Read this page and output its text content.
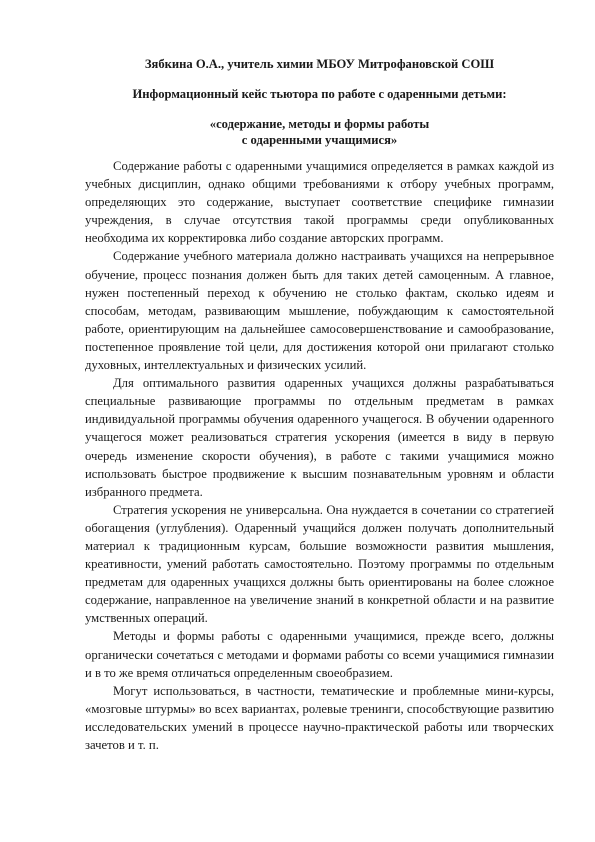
Зябкина О.А., учитель химии МБОУ Митрофановской СОШ

Информационный кейс тьютора по работе с одаренными детьми:

«содержание, методы и формы работы

с одаренными учащимися»

Содержание работы с одаренными учащимися определяется в рамках каждой из учебных дисциплин, однако общими требованиями к отбору учебных программ, определяющих это содержание, выступает соответствие специфике гимназии учреждения, в случае отсутствия такой программы среди опубликованных необходима их корректировка либо создание авторских программ.

Содержание учебного материала должно настраивать учащихся на непрерывное обучение, процесс познания должен быть для таких детей самоценным. А главное, нужен постепенный переход к обучению не столько фактам, сколько идеям и способам, методам, развивающим мышление, побуждающим к самостоятельной работе, ориентирующим на дальнейшее самосовершенствование и самообразование, постепенное проявление той цели, для достижения которой они прилагают столько духовных, интеллектуальных и физических усилий.

Для оптимального развития одаренных учащихся должны разрабатываться специальные развивающие программы по отдельным предметам в рамках индивидуальной программы обучения одаренного учащегося. В обучении одаренного учащегося может реализоваться стратегия ускорения (имеется в виду в первую очередь изменение скорости обучения), в работе с такими учащимися можно использовать быстрое продвижение к высшим познавательным уровням и области избранного предмета.

Стратегия ускорения не универсальна. Она нуждается в сочетании со стратегией обогащения (углубления). Одаренный учащийся должен получать дополнительный материал к традиционным курсам, большие возможности развития мышления, креативности, умений работать самостоятельно. Поэтому программы по отдельным предметам для одаренных учащихся должны быть ориентированы на более сложное содержание, направленное на увеличение знаний в конкретной области и на развитие умственных операций.

Методы и формы работы с одаренными учащимися, прежде всего, должны органически сочетаться с методами и формами работы со всеми учащимися гимназии и в то же время отличаться определенным своеобразием.

Могут использоваться, в частности, тематические и проблемные мини-курсы, «мозговые штурмы» во всех вариантах, ролевые тренинги, способствующие развитию исследовательских умений в процессе научно-практической работы или творческих зачетов и т. п.
